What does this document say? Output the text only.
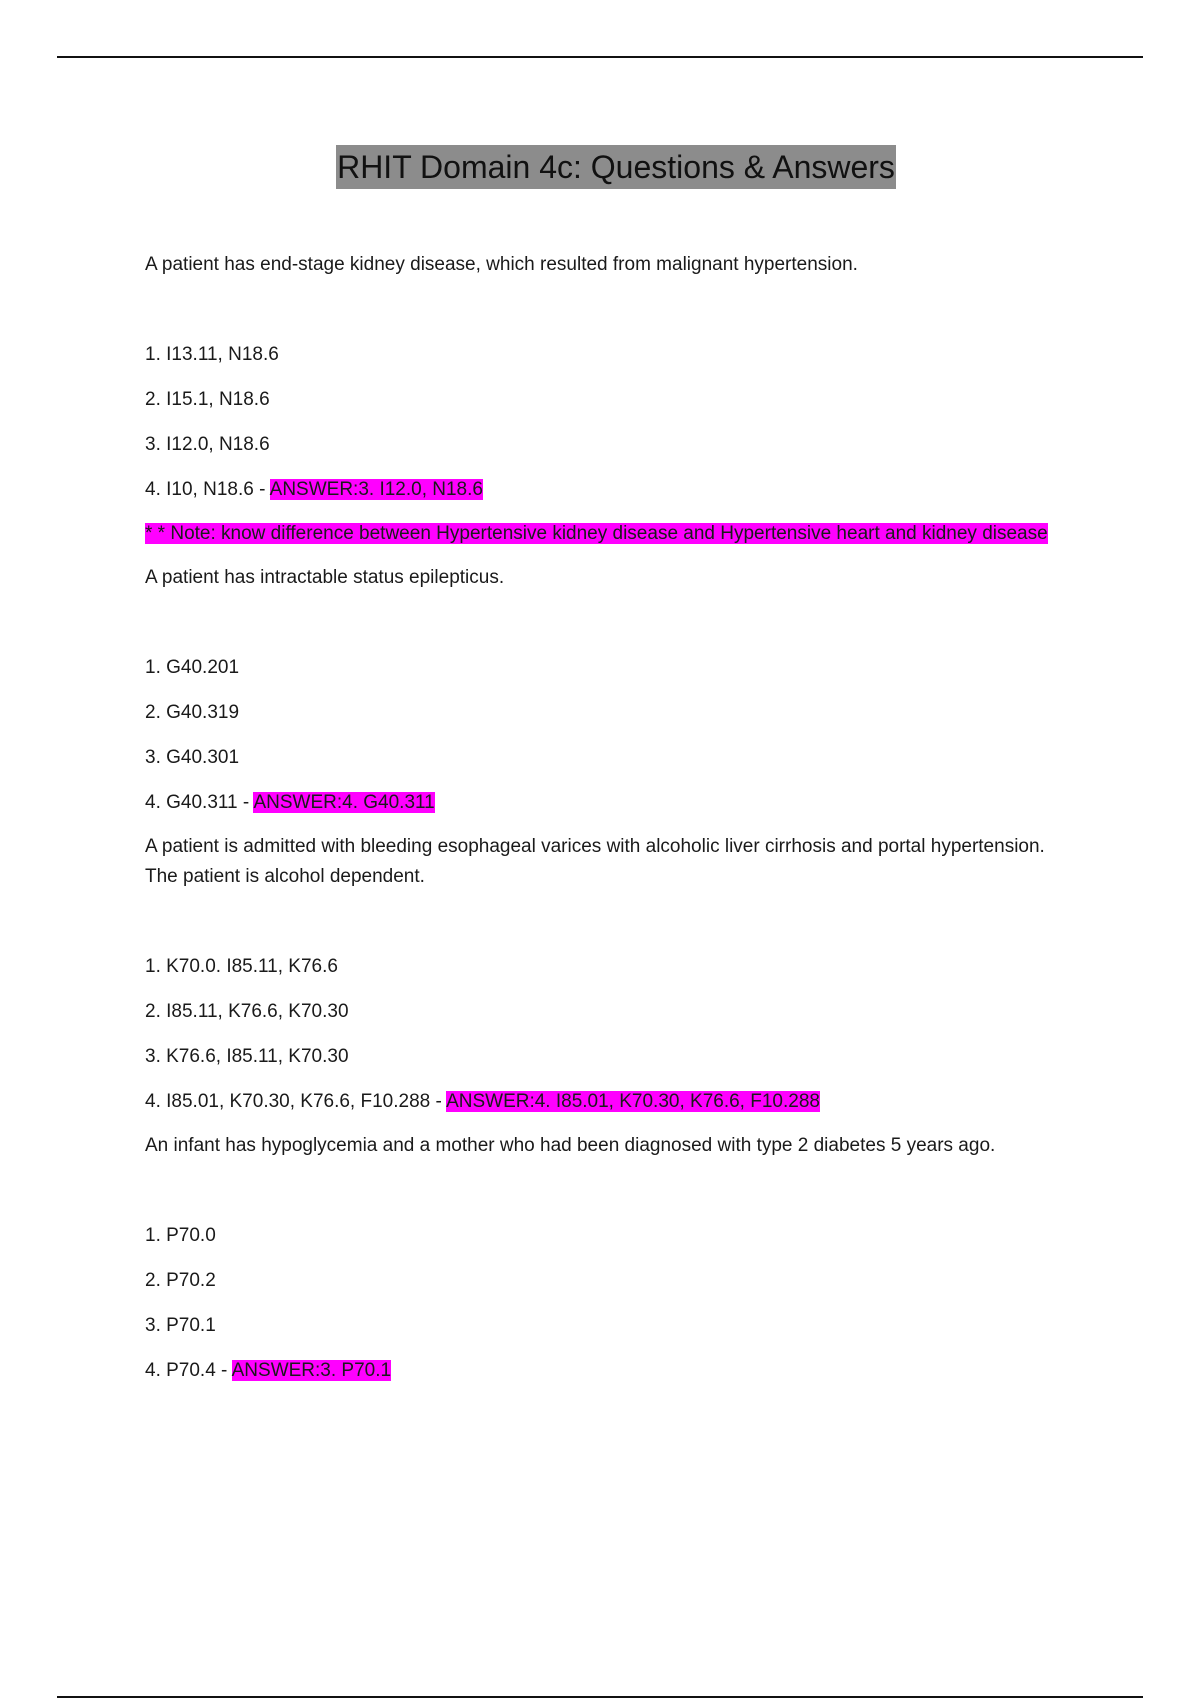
RHIT Domain 4c: Questions & Answers

A patient has end-stage kidney disease, which resulted from malignant hypertension.

1. I13.11, N18.6

2. I15.1, N18.6

3. I12.0, N18.6

4. I10, N18.6 - ANSWER:3. I12.0, N18.6

* * Note: know difference between Hypertensive kidney disease and Hypertensive heart and kidney disease

A patient has intractable status epilepticus.

1. G40.201

2. G40.319

3. G40.301

4. G40.311 - ANSWER:4. G40.311

A patient is admitted with bleeding esophageal varices with alcoholic liver cirrhosis and portal hypertension. The patient is alcohol dependent.

1. K70.0. I85.11, K76.6

2. I85.11, K76.6, K70.30

3. K76.6, I85.11, K70.30

4. I85.01, K70.30, K76.6, F10.288 - ANSWER:4. I85.01, K70.30, K76.6, F10.288

An infant has hypoglycemia and a mother who had been diagnosed with type 2 diabetes 5 years ago.

1. P70.0

2. P70.2

3. P70.1

4. P70.4 - ANSWER:3. P70.1
